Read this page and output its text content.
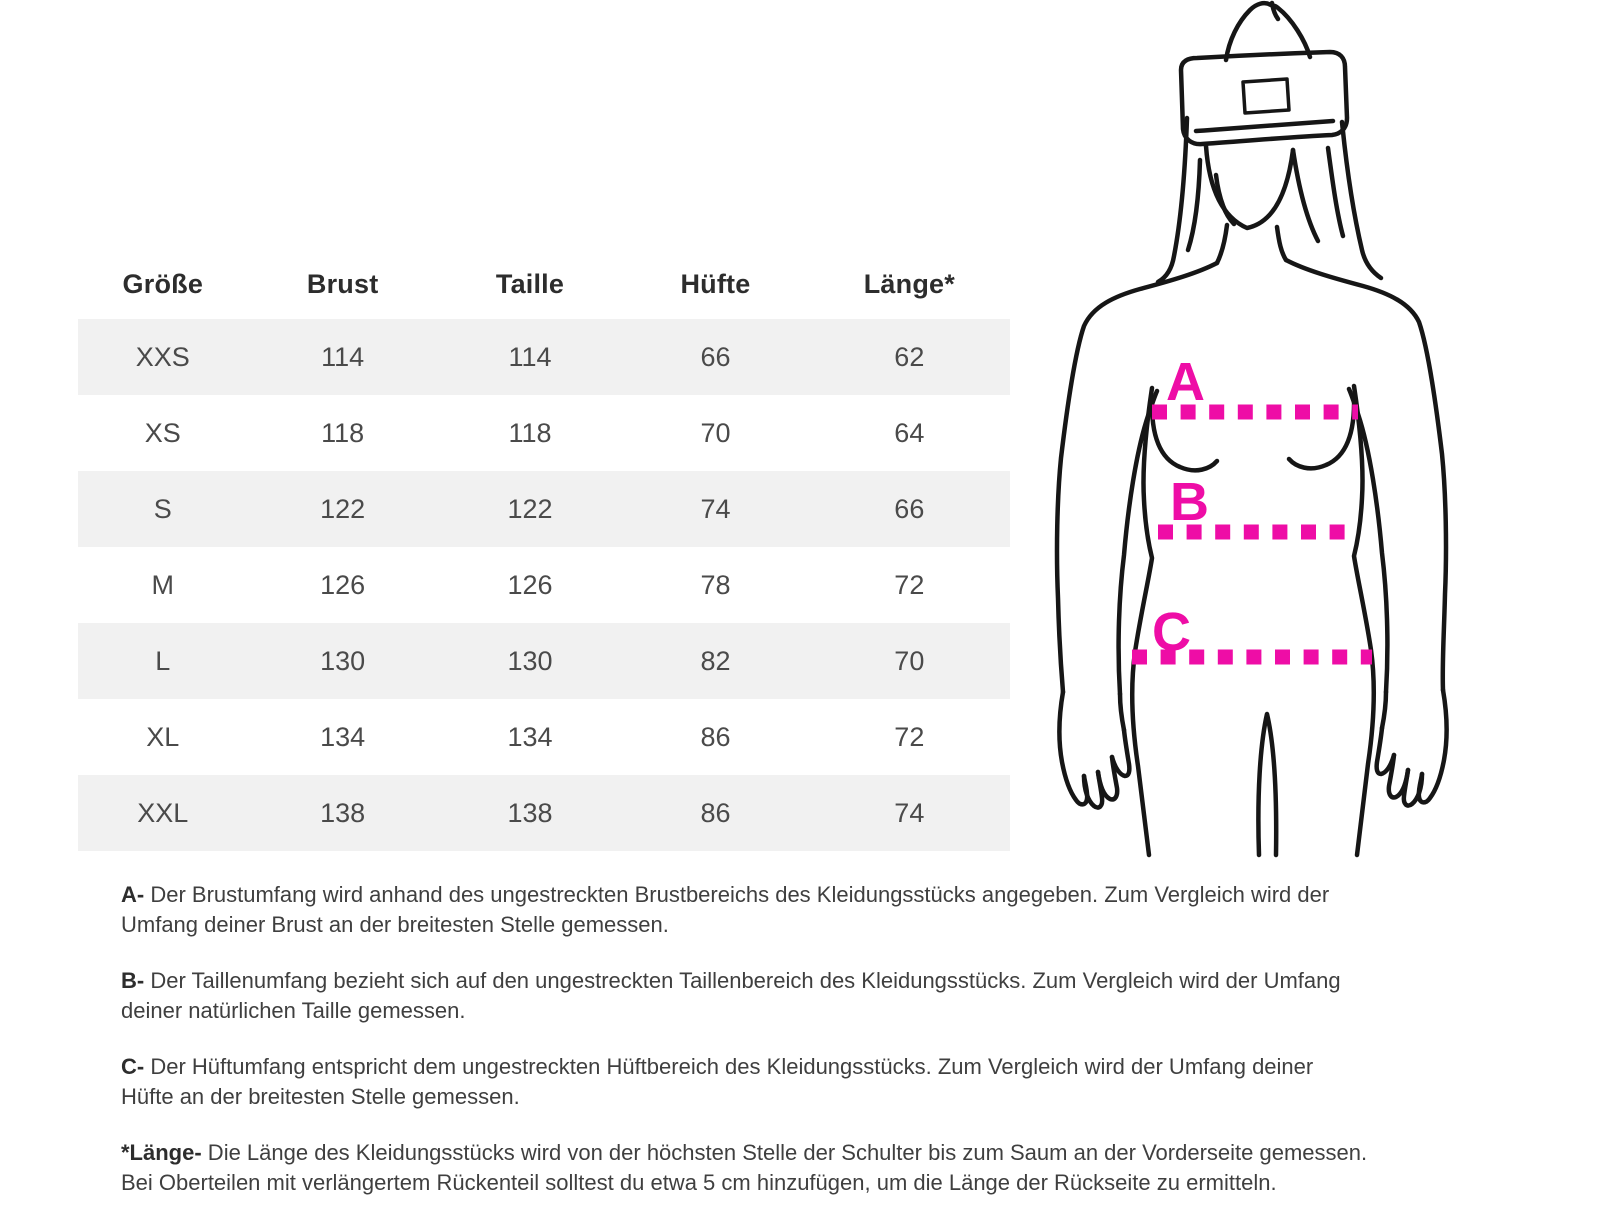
Größe	Brust	Taille	Hüfte	Länge*
XXS	114	114	66	62
XS	118	118	70	64
S	122	122	74	66
M	126	126	78	72
L	130	130	82	70
XL	134	134	86	72
XXL	138	138	86	74
A
B
C

A- Der Brustumfang wird anhand des ungestreckten Brustbereichs des Kleidungsstücks angegeben. Zum Vergleich wird der
Umfang deiner Brust an der breitesten Stelle gemessen.

B- Der Taillenumfang bezieht sich auf den ungestreckten Taillenbereich des Kleidungsstücks. Zum Vergleich wird der Umfang
deiner natürlichen Taille gemessen.

C- Der Hüftumfang entspricht dem ungestreckten Hüftbereich des Kleidungsstücks. Zum Vergleich wird der Umfang deiner
Hüfte an der breitesten Stelle gemessen.

*Länge- Die Länge des Kleidungsstücks wird von der höchsten Stelle der Schulter bis zum Saum an der Vorderseite gemessen.
Bei Oberteilen mit verlängertem Rückenteil solltest du etwa 5 cm hinzufügen, um die Länge der Rückseite zu ermitteln.
